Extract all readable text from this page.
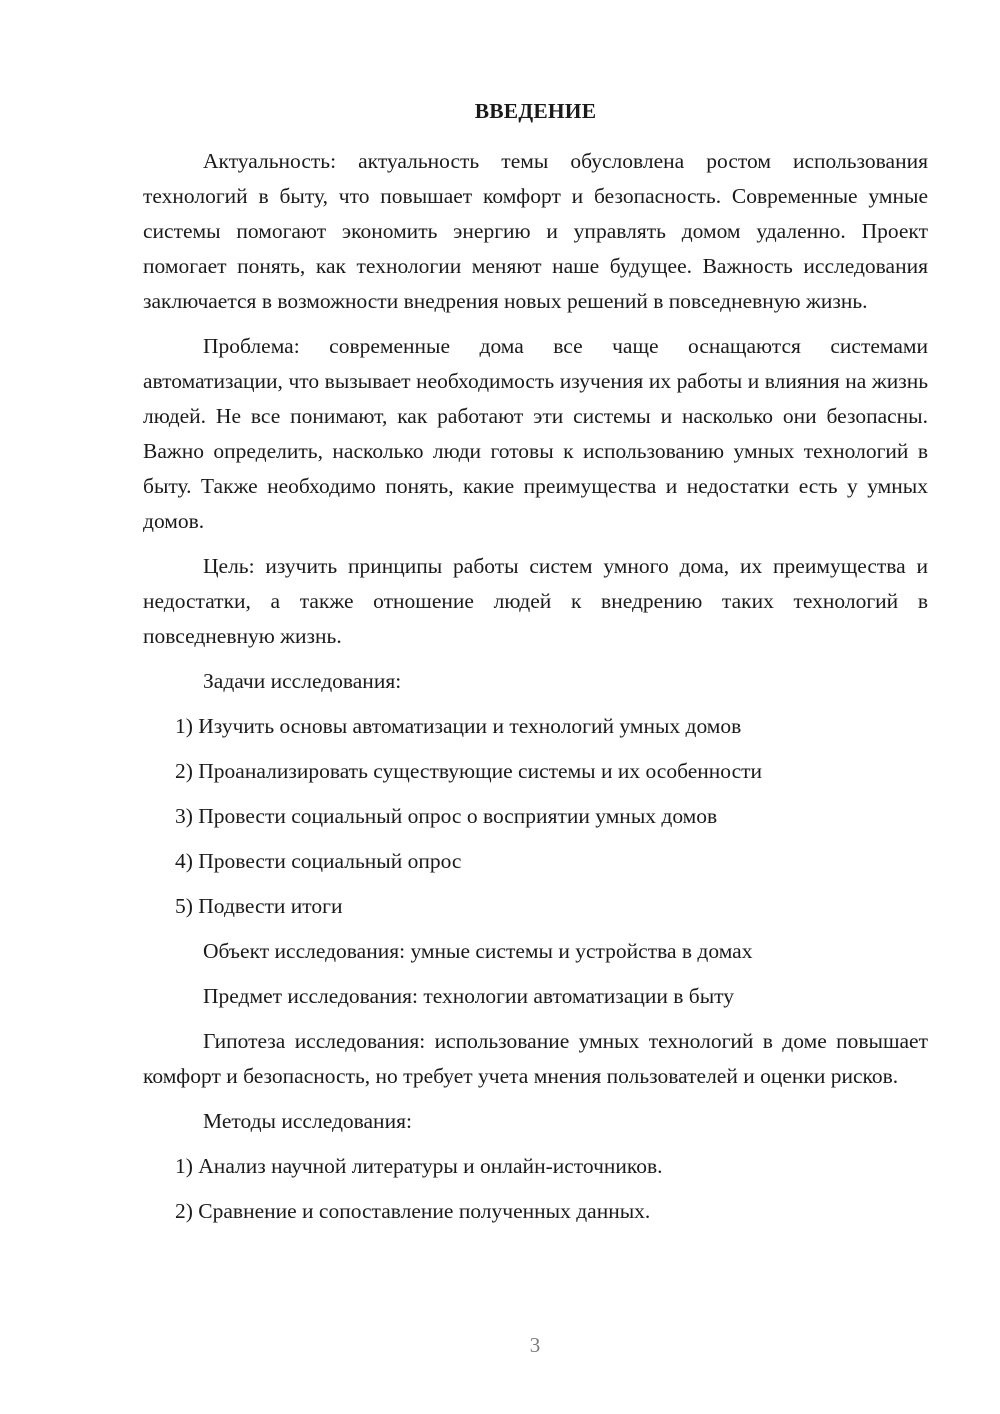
ВВЕДЕНИЕ

Актуальность: актуальность темы обусловлена ростом использования технологий в быту, что повышает комфорт и безопасность. Современные умные системы помогают экономить энергию и управлять домом удаленно. Проект помогает понять, как технологии меняют наше будущее. Важность исследования заключается в возможности внедрения новых решений в повседневную жизнь.

Проблема: современные дома все чаще оснащаются системами автоматизации, что вызывает необходимость изучения их работы и влияния на жизнь людей. Не все понимают, как работают эти системы и насколько они безопасны. Важно определить, насколько люди готовы к использованию умных технологий в быту. Также необходимо понять, какие преимущества и недостатки есть у умных домов.

Цель: изучить принципы работы систем умного дома, их преимущества и недостатки, а также отношение людей к внедрению таких технологий в повседневную жизнь.

Задачи исследования:
1) Изучить основы автоматизации и технологий умных домов
2) Проанализировать существующие системы и их особенности
3) Провести социальный опрос о восприятии умных домов
4) Провести социальный опрос
5) Подвести итоги
Объект исследования: умные системы и устройства в домах
Предмет исследования: технологии автоматизации в быту

Гипотеза исследования: использование умных технологий в доме повышает комфорт и безопасность, но требует учета мнения пользователей и оценки рисков.

Методы исследования:
1) Анализ научной литературы и онлайн-источников.
2) Сравнение и сопоставление полученных данных.
3
